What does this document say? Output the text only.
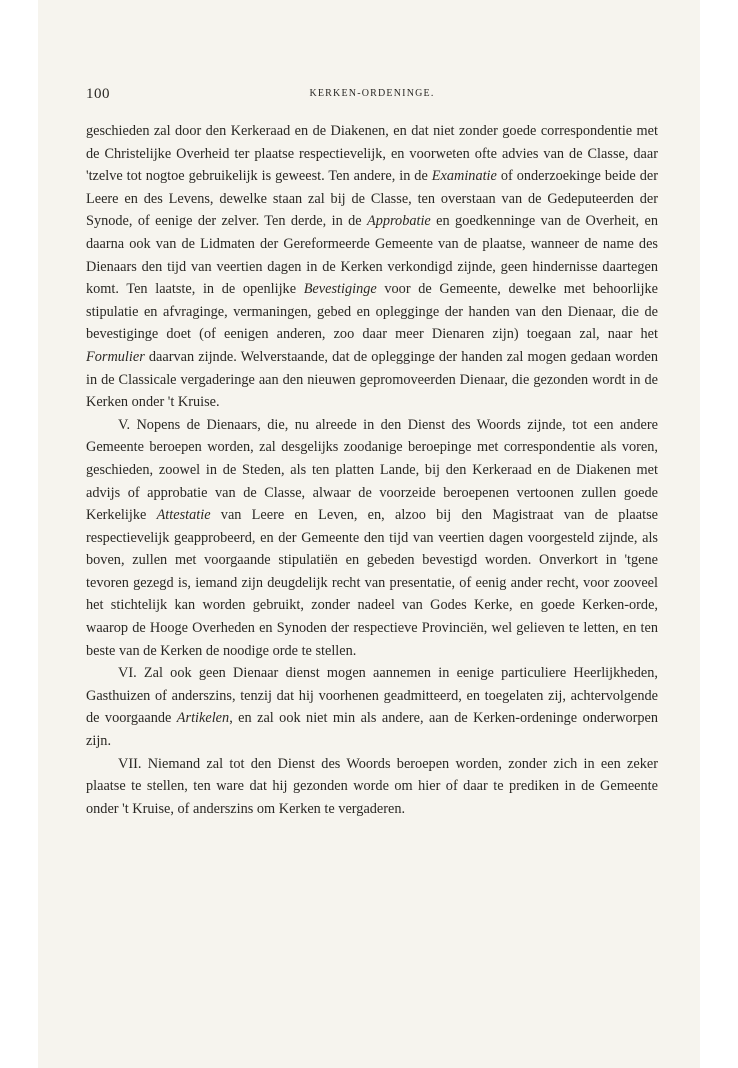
100	KERKEN-ORDENINGE.

geschieden zal door den Kerkeraad en de Diakenen, en dat niet zonder goede correspondentie met de Christelijke Overheid ter plaatse respectievelijk, en voorweten ofte advies van de Classe, daar 'tzelve tot nogtoe gebruikelijk is geweest. Ten andere, in de Examinatie of onderzoekinge beide der Leere en des Levens, dewelke staan zal bij de Classe, ten overstaan van de Gedeputeerden der Synode, of eenige der zelver. Ten derde, in de Approbatie en goedkenninge van de Overheit, en daarna ook van de Lidmaten der Gereformeerde Gemeente van de plaatse, wanneer de name des Dienaars den tijd van veertien dagen in de Kerken verkondigd zijnde, geen hindernisse daartegen komt. Ten laatste, in de openlijke Bevestiginge voor de Gemeente, dewelke met behoorlijke stipulatie en afvraginge, vermaningen, gebed en oplegginge der handen van den Dienaar, die de bevestiginge doet (of eenigen anderen, zoo daar meer Dienaren zijn) toegaan zal, naar het Formulier daarvan zijnde. Welverstaande, dat de oplegginge der handen zal mogen gedaan worden in de Classicale vergaderinge aan den nieuwen gepromoveerden Dienaar, die gezonden wordt in de Kerken onder 't Kruise.

V. Nopens de Dienaars, die, nu alreede in den Dienst des Woords zijnde, tot een andere Gemeente beroepen worden, zal desgelijks zoodanige beroepinge met correspondentie als voren, geschieden, zoowel in de Steden, als ten platten Lande, bij den Kerkeraad en de Diakenen met advijs of approbatie van de Classe, alwaar de voorzeide beroepenen vertoonen zullen goede Kerkelijke Attestatie van Leere en Leven, en, alzoo bij den Magistraat van de plaatse respectievelijk geapprobeerd, en der Gemeente den tijd van veertien dagen voorgesteld zijnde, als boven, zullen met voorgaande stipulatiën en gebeden bevestigd worden. Onverkort in 'tgene tevoren gezegd is, iemand zijn deugdelijk recht van presentatie, of eenig ander recht, voor zooveel het stichtelijk kan worden gebruikt, zonder nadeel van Godes Kerke, en goede Kerken-orde, waarop de Hooge Overheden en Synoden der respectieve Provinciën, wel gelieven te letten, en ten beste van de Kerken de noodige orde te stellen.

VI. Zal ook geen Dienaar dienst mogen aannemen in eenige particuliere Heerlijkheden, Gasthuizen of anderszins, tenzij dat hij voorhenen geadmitteerd, en toegelaten zij, achtervolgende de voorgaande Artikelen, en zal ook niet min als andere, aan de Kerken-ordeninge onderworpen zijn.

VII. Niemand zal tot den Dienst des Woords beroepen worden, zonder zich in een zeker plaatse te stellen, ten ware dat hij gezonden worde om hier of daar te prediken in de Gemeente onder 't Kruise, of anderszins om Kerken te vergaderen.
